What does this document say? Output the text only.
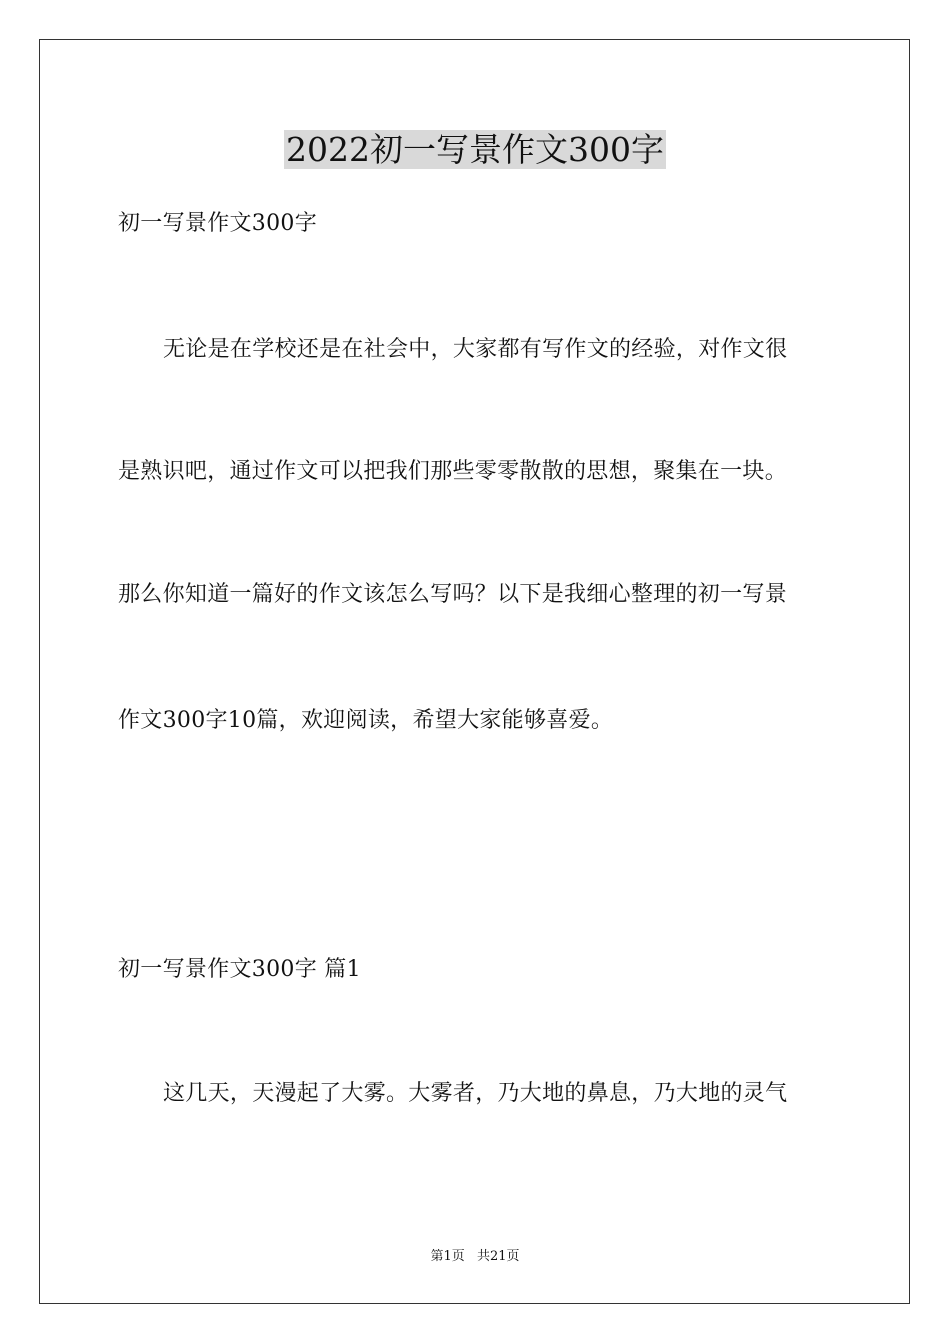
2022初一写景作文300字
初一写景作文300字
无论是在学校还是在社会中，大家都有写作文的经验，对作文很
是熟识吧，通过作文可以把我们那些零零散散的思想，聚集在一块。
那么你知道一篇好的作文该怎么写吗？以下是我细心整理的初一写景
作文300字10篇，欢迎阅读，希望大家能够喜爱。
初一写景作文300字 篇1
这几天，天漫起了大雾。大雾者，乃大地的鼻息，乃大地的灵气
第1页 共21页
